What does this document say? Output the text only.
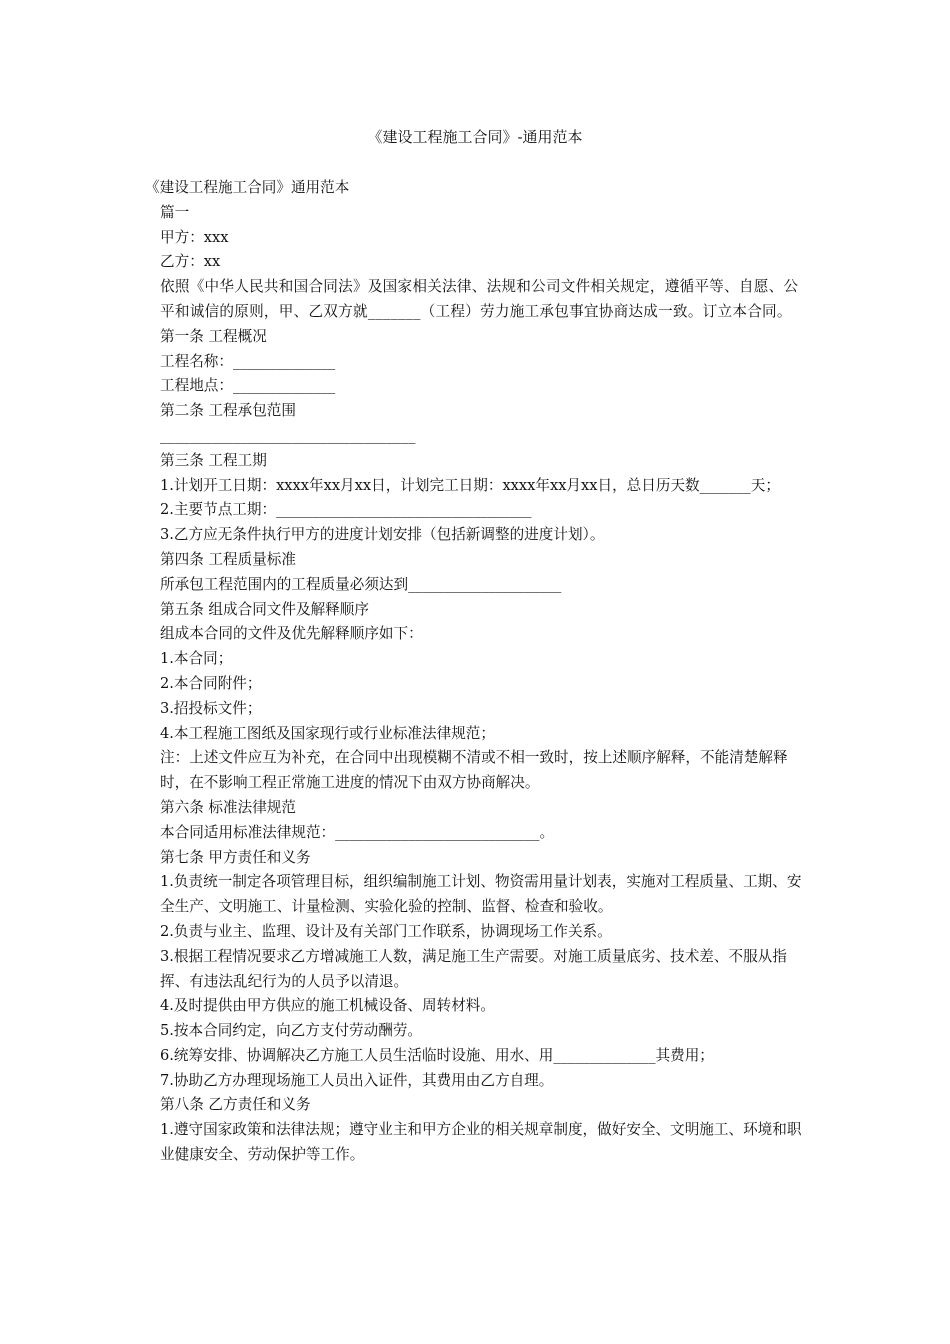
《建设工程施工合同》-通用范本

《建设工程施工合同》通用范本

篇一

甲方：xxx

乙方：xx

依照《中华人民共和国合同法》及国家相关法律、法规和公司文件相关规定，遵循平等、自愿、公平和诚信的原则，甲、乙双方就_______（工程）劳力施工承包事宜协商达成一致。订立本合同。

第一条 工程概况

工程名称：______________

工程地点：______________

第二条 工程承包范围

___________________________________

第三条 工程工期

1.计划开工日期：xxxx年xx月xx日，计划完工日期：xxxx年xx月xx日，总日历天数_______天；

2.主要节点工期：___________________________________

3.乙方应无条件执行甲方的进度计划安排（包括新调整的进度计划）。

第四条 工程质量标准

所承包工程范围内的工程质量必须达到_____________________

第五条 组成合同文件及解释顺序

组成本合同的文件及优先解释顺序如下：

1.本合同；

2.本合同附件；

3.招投标文件；

4.本工程施工图纸及国家现行或行业标准法律规范；

注：上述文件应互为补充，在合同中出现模糊不清或不相一致时，按上述顺序解释，不能清楚解释时，在不影响工程正常施工进度的情况下由双方协商解决。

第六条 标准法律规范

本合同适用标准法律规范：____________________________。

第七条 甲方责任和义务

1.负责统一制定各项管理目标，组织编制施工计划、物资需用量计划表，实施对工程质量、工期、安全生产、文明施工、计量检测、实验化验的控制、监督、检查和验收。

2.负责与业主、监理、设计及有关部门工作联系，协调现场工作关系。

3.根据工程情况要求乙方增减施工人数，满足施工生产需要。对施工质量底劣、技术差、不服从指挥、有违法乱纪行为的人员予以清退。

4.及时提供由甲方供应的施工机械设备、周转材料。

5.按本合同约定，向乙方支付劳动酬劳。

6.统筹安排、协调解决乙方施工人员生活临时设施、用水、用______________其费用；

7.协助乙方办理现场施工人员出入证件，其费用由乙方自理。

第八条 乙方责任和义务

1.遵守国家政策和法律法规；遵守业主和甲方企业的相关规章制度，做好安全、文明施工、环境和职业健康安全、劳动保护等工作。
